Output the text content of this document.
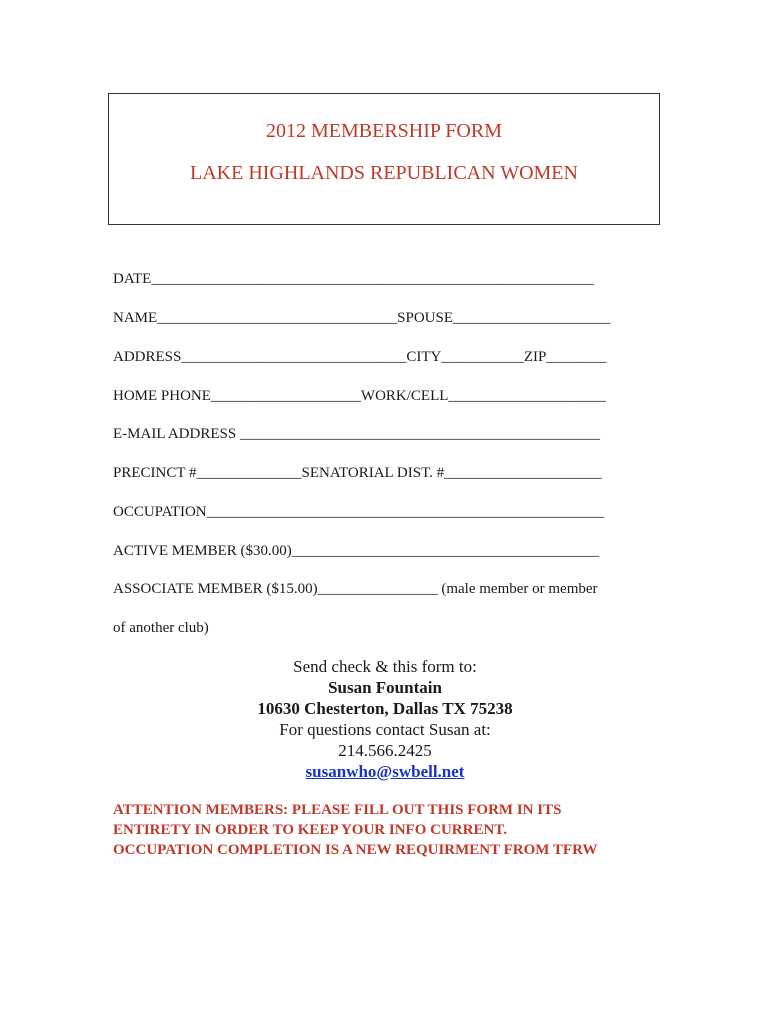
2012 MEMBERSHIP FORM
LAKE HIGHLANDS REPUBLICAN WOMEN
DATE___________________________________________________________
NAME________________________________SPOUSE_____________________
ADDRESS______________________________CITY___________ZIP________
HOME PHONE____________________WORK/CELL_____________________
E-MAIL ADDRESS ________________________________________________
PRECINCT #______________SENATORIAL DIST. #_____________________
OCCUPATION_____________________________________________________
ACTIVE MEMBER ($30.00)_________________________________________
ASSOCIATE MEMBER ($15.00)________________ (male member or member
of another club)
Send check & this form to:
Susan Fountain
10630 Chesterton, Dallas TX 75238
For questions contact Susan at:
214.566.2425
susanwho@swbell.net
ATTENTION MEMBERS: PLEASE FILL OUT THIS FORM IN ITS
ENTIRETY IN ORDER TO KEEP YOUR INFO CURRENT.
OCCUPATION COMPLETION IS A NEW REQUIRMENT FROM TFRW
